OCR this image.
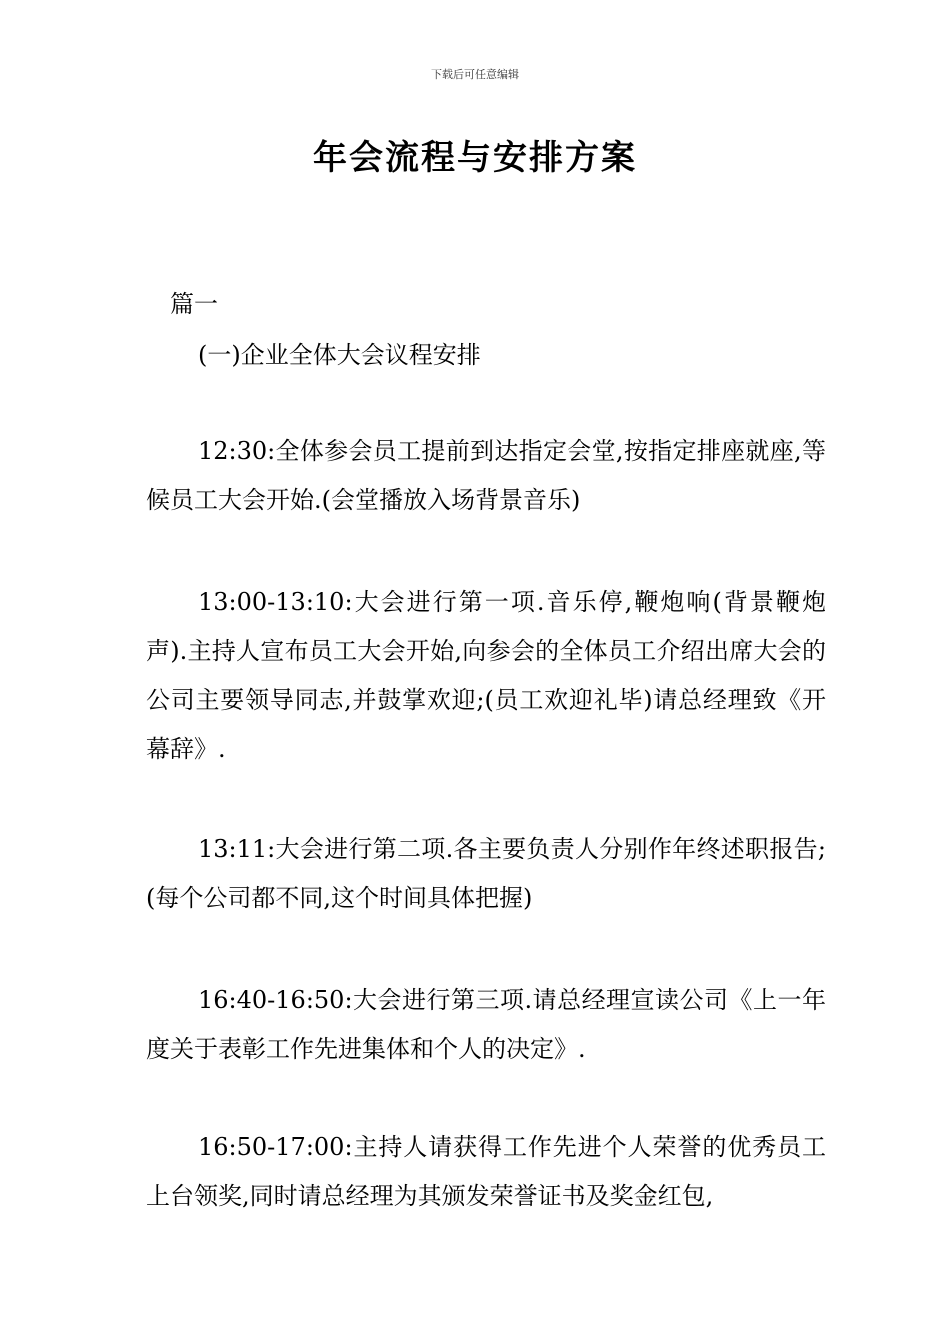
下载后可任意编辑
年会流程与安排方案
篇一
(一)企业全体大会议程安排

12:30:全体参会员工提前到达指定会堂,按指定排座就座,等候员工大会开始.(会堂播放入场背景音乐)

13:00-13:10:大会进行第一项.音乐停,鞭炮响(背景鞭炮声).主持人宣布员工大会开始,向参会的全体员工介绍出席大会的公司主要领导同志,并鼓掌欢迎;(员工欢迎礼毕)请总经理致《开幕辞》.

13:11:大会进行第二项.各主要负责人分别作年终述职报告;(每个公司都不同,这个时间具体把握)

16:40-16:50:大会进行第三项.请总经理宣读公司《上一年度关于表彰工作先进集体和个人的决定》.

16:50-17:00:主持人请获得工作先进个人荣誉的优秀员工上台领奖,同时请总经理为其颁发荣誉证书及奖金红包,
